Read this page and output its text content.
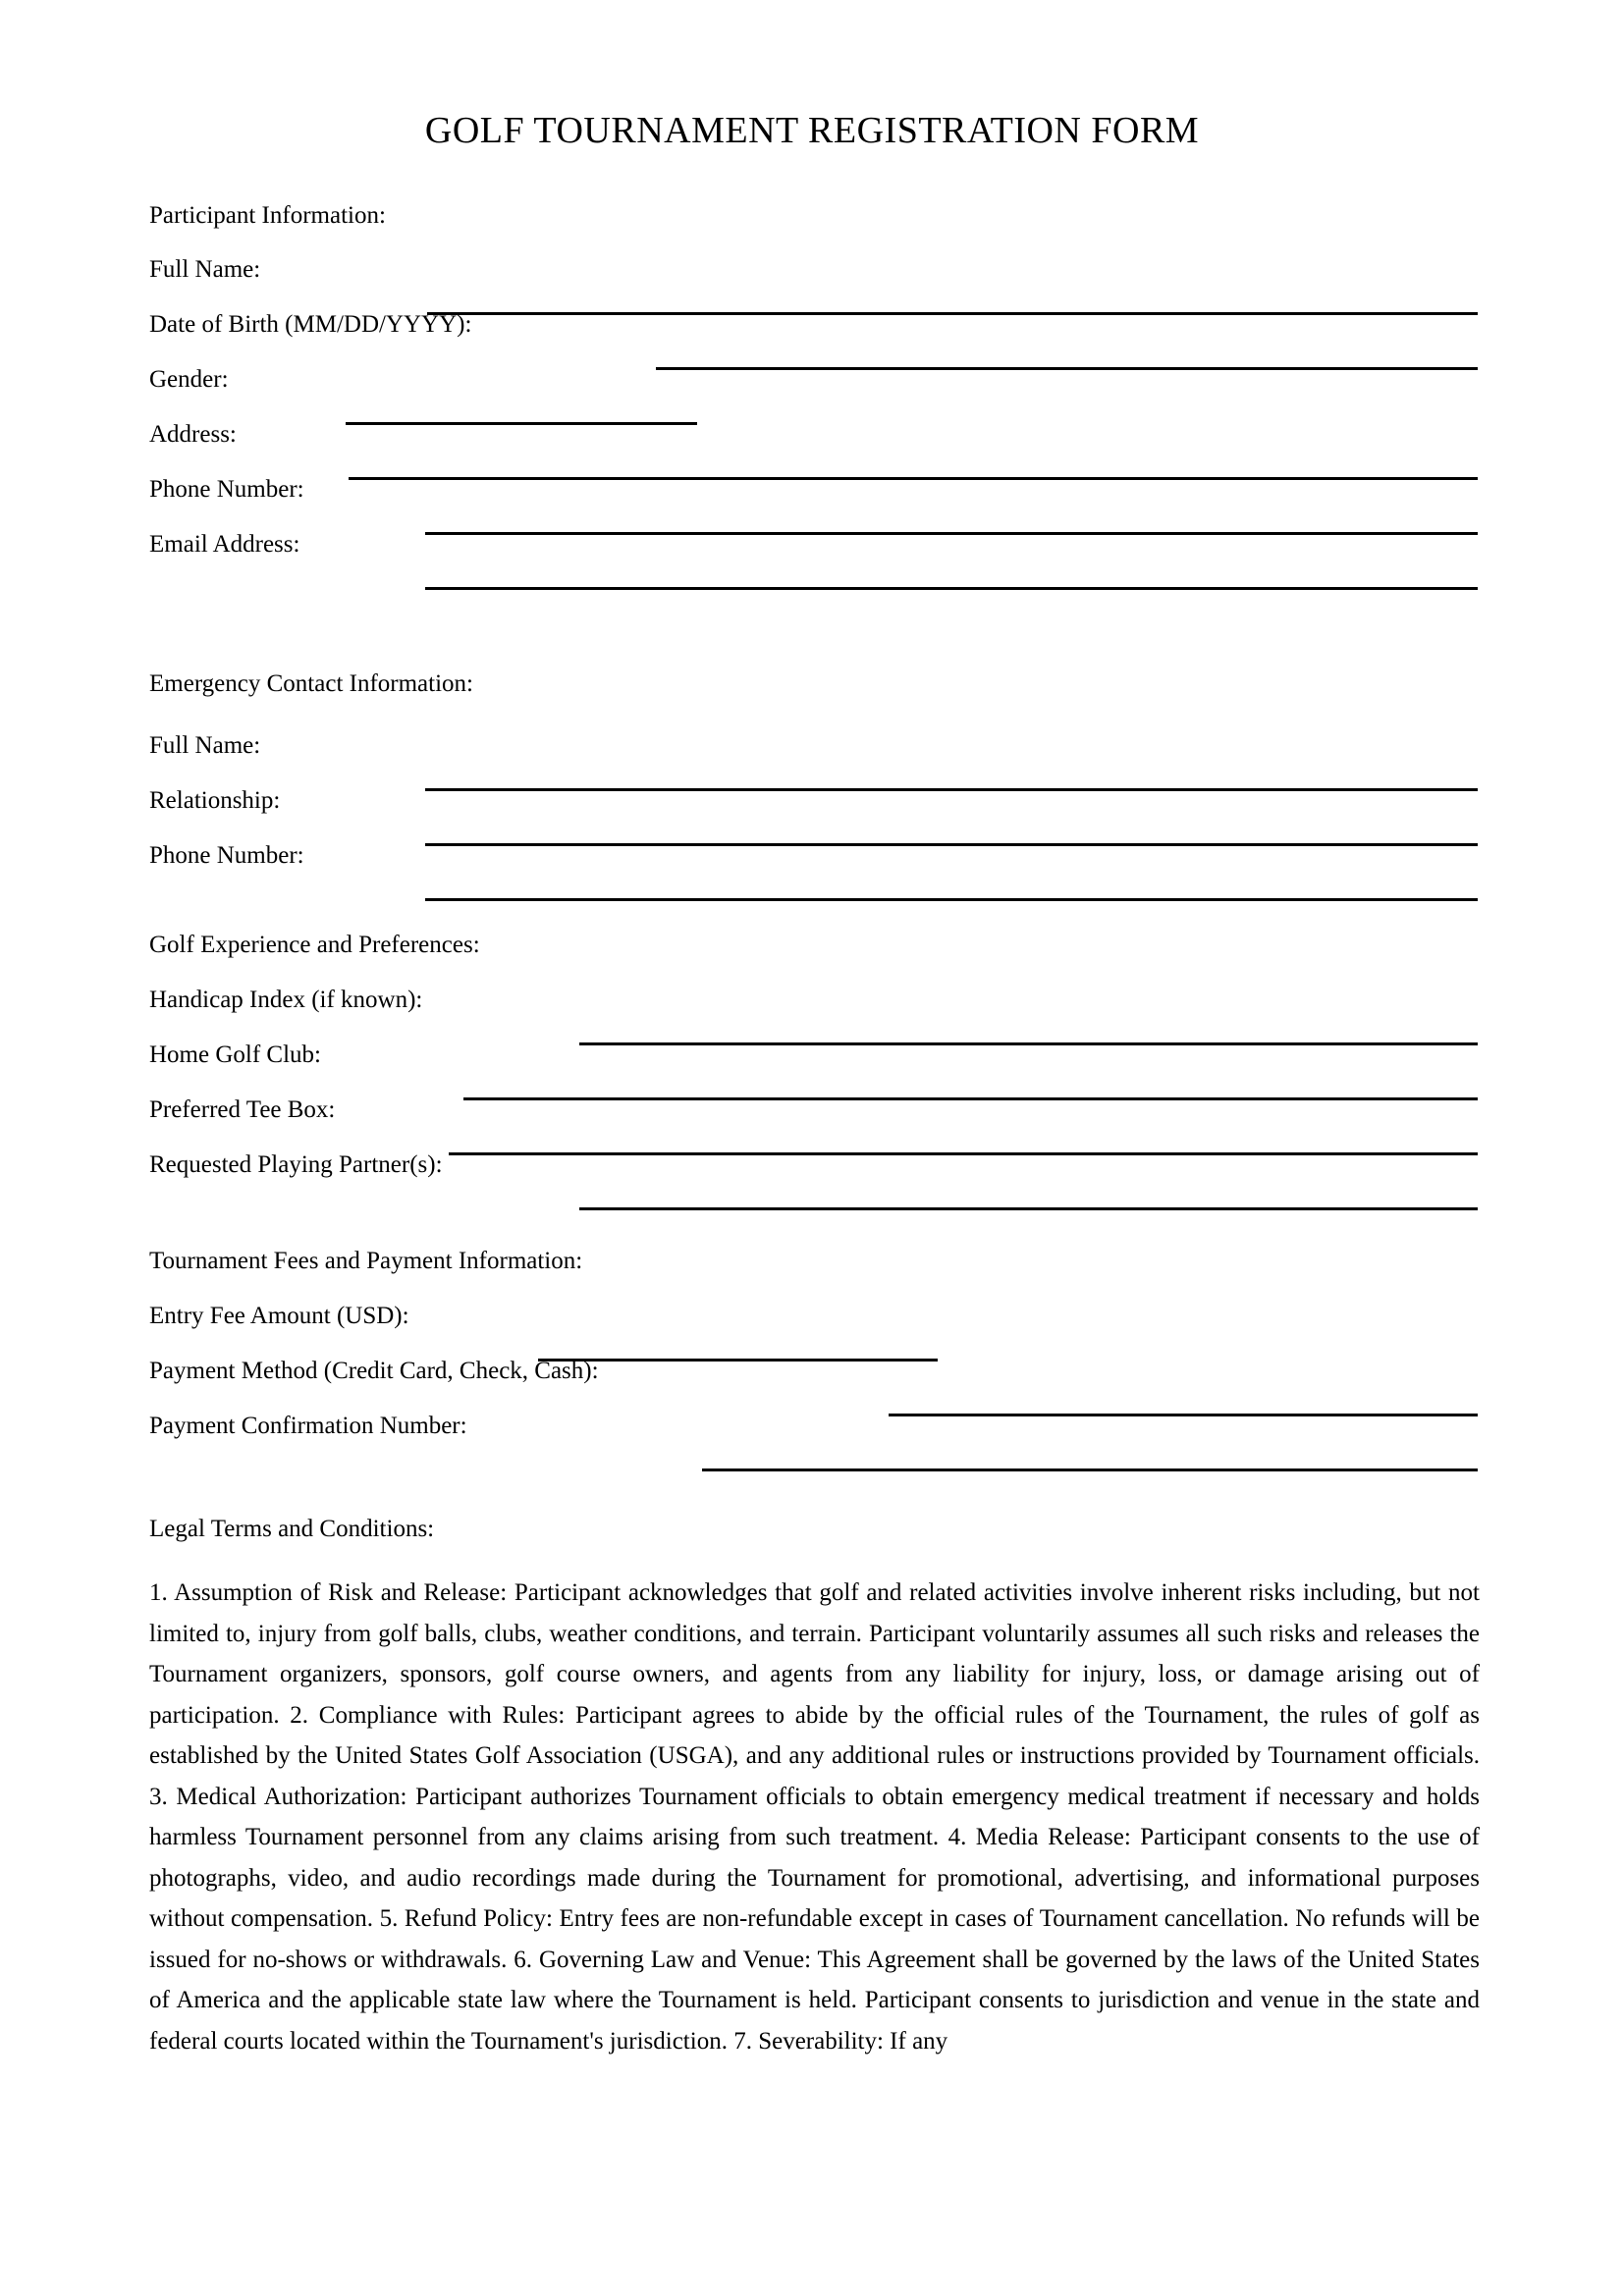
GOLF TOURNAMENT REGISTRATION FORM
Participant Information:
Full Name:
Date of Birth (MM/DD/YYYY):
Gender:
Address:
Phone Number:
Email Address:
Emergency Contact Information:
Full Name:
Relationship:
Phone Number:
Golf Experience and Preferences:
Handicap Index (if known):
Home Golf Club:
Preferred Tee Box:
Requested Playing Partner(s):
Tournament Fees and Payment Information:
Entry Fee Amount (USD):
Payment Method (Credit Card, Check, Cash):
Payment Confirmation Number:
Legal Terms and Conditions:
1. Assumption of Risk and Release: Participant acknowledges that golf and related activities involve inherent risks including, but not limited to, injury from golf balls, clubs, weather conditions, and terrain. Participant voluntarily assumes all such risks and releases the Tournament organizers, sponsors, golf course owners, and agents from any liability for injury, loss, or damage arising out of participation. 2. Compliance with Rules: Participant agrees to abide by the official rules of the Tournament, the rules of golf as established by the United States Golf Association (USGA), and any additional rules or instructions provided by Tournament officials. 3. Medical Authorization: Participant authorizes Tournament officials to obtain emergency medical treatment if necessary and holds harmless Tournament personnel from any claims arising from such treatment. 4. Media Release: Participant consents to the use of photographs, video, and audio recordings made during the Tournament for promotional, advertising, and informational purposes without compensation. 5. Refund Policy: Entry fees are non-refundable except in cases of Tournament cancellation. No refunds will be issued for no-shows or withdrawals. 6. Governing Law and Venue: This Agreement shall be governed by the laws of the United States of America and the applicable state law where the Tournament is held. Participant consents to jurisdiction and venue in the state and federal courts located within the Tournament's jurisdiction. 7. Severability: If any
